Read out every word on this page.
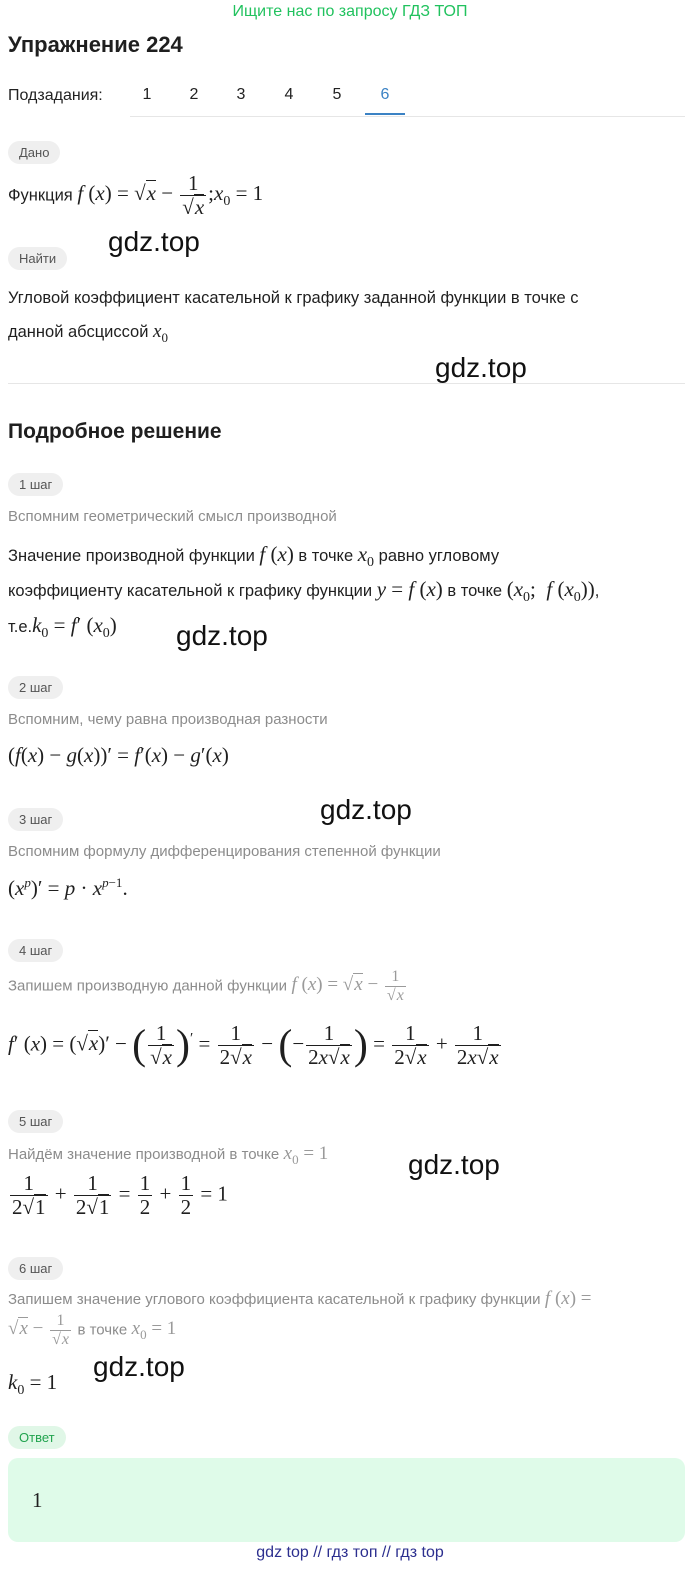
Ищите нас по запросу ГДЗ ТОП
Упражнение 224
Подзадания:	1	2	3	4	5	6
Дано
Функция f $(x) = √x - \frac{1}{√x}$ $;x_0 = 1$
gdz.top
Найти
Угловой коэффициент касательной к графику заданной функции в точке с
данной абсциссой $x_0$
gdz.top
Подробное решение
1 шаг
Вспомним геометрический смысл производной
Значение производной функции f (x) в точке $x_0$ равно угловому
коэффициенту касательной к графику функции y = f (x) в точке ($x_0$;  f $(x_0)$),
$т.е.k_0 = f'$ $(x_0)$ gdz.top
2 шаг
Вспомним, чему равна производная разности
(f(x) − g(x))′ = f′(x) − g′(x)
gdz.top
3 шаг
Вспомним формулу дифференцирования степенной функции
$(x^p)' = p \cdot x^{p-1}$.
4 шаг
Запишем производную данной функции f $(x) = √x - \frac{1}{√x}$
f′ (x) = (√x)′ − ( $\frac{1}{√x} )' = \frac{1}{2√x}$ − (− $\frac{1}{2x√x}$ ) = $\frac{1}{2√x} + \frac{1}{2x√x}$
5 шаг
Найдём значение производной в точке $x_0 = 1$	gdz.top
$\frac{1}{2√1} + \frac{1}{2√1} = \frac{1}{2} + \frac{1}{2} = 1$
6 шаг
Запишем значение углового коэффициента касательной к графику функции f (x) =
$√x - \frac{1}{√x}$ в точке $x_0 = 1$
$k_0 = 1$ gdz.top
Ответ
1
gdz top // гдз топ // гдз top
